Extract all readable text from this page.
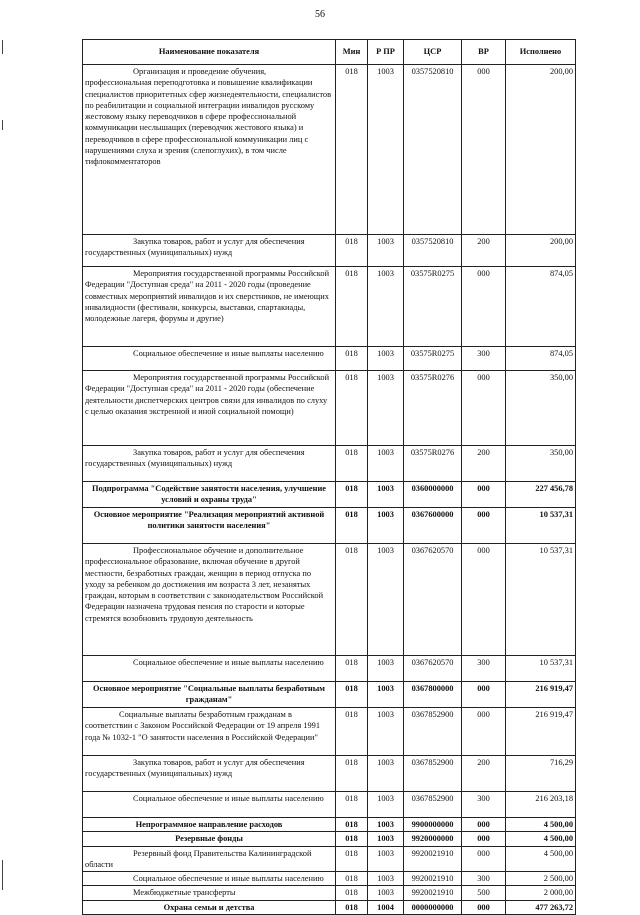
56
Наименование показателя	Мин	Р ПР	ЦСР	ВР	Исполнено
Организация и проведение обучения, профессиональная переподготовка и повышение квалификации специалистов приоритетных сфер жизнедеятельности, специалистов по реабилитации и социальной интеграции инвалидов русскому жестовому языку переводчиков в сфере профессиональной коммуникации неслышащих (переводчик жестового языка) и переводчиков в сфере профессиональной коммуникации лиц с нарушениями слуха и зрения (слепоглухих), в том числе тифлокомментаторов	018	1003	0357520810	000	200,00
Закупка товаров, работ и услуг для обеспечения государственных (муниципальных) нужд	018	1003	0357520810	200	200,00
Мероприятия государственной программы Российской Федерации "Доступная среда" на 2011 - 2020 годы (проведение совместных мероприятий инвалидов и их сверстников, не имеющих инвалидности (фестивали, конкурсы, выставки, спартакиады, молодежные лагеря, форумы и другие)	018	1003	03575R0275	000	874,05
Социальное обеспечение и иные выплаты населению	018	1003	03575R0275	300	874,05
Мероприятия государственной программы Российской Федерации "Доступная среда" на 2011 - 2020 годы (обеспечение деятельности диспетчерских центров связи для инвалидов по слуху с целью оказания экстренной и иной социальной помощи)	018	1003	03575R0276	000	350,00
Закупка товаров, работ и услуг для обеспечения государственных (муниципальных) нужд	018	1003	03575R0276	200	350,00
Подпрограмма "Содействие занятости населения, улучшение условий и охраны труда"	018	1003	0360000000	000	227 456,78
Основное мероприятие "Реализация мероприятий активной политики занятости населения"	018	1003	0367600000	000	10 537,31
Профессиональное обучение и дополнительное профессиональное образование, включая обучение в другой местности, безработных граждан, женщин в период отпуска по уходу за ребенком до достижения им возраста 3 лет, незанятых граждан, которым в соответствии с законодательством Российской Федерации назначена трудовая пенсия по старости и которые стремятся возобновить трудовую деятельность	018	1003	0367620570	000	10 537,31
Социальное обеспечение и иные выплаты населению	018	1003	0367620570	300	10 537,31
Основное мероприятие "Социальные выплаты безработным гражданам"	018	1003	0367800000	000	216 919,47
Социальные выплаты безработным гражданам в соответствии с Законом Российской Федерации от 19 апреля 1991 года № 1032-1 "О занятости населения в Российской Федерации"	018	1003	0367852900	000	216 919,47
Закупка товаров, работ и услуг для обеспечения государственных (муниципальных) нужд	018	1003	0367852900	200	716,29
Социальное обеспечение и иные выплаты населению	018	1003	0367852900	300	216 203,18
Непрограммное направление расходов	018	1003	9900000000	000	4 500,00
Резервные фонды	018	1003	9920000000	000	4 500,00
Резервный фонд Правительства Калининградской области	018	1003	9920021910	000	4 500,00
Социальное обеспечение и иные выплаты населению	018	1003	9920021910	300	2 500,00
Межбюджетные трансферты	018	1003	9920021910	500	2 000,00
Охрана семьи и детства	018	1004	0000000000	000	477 263,72
